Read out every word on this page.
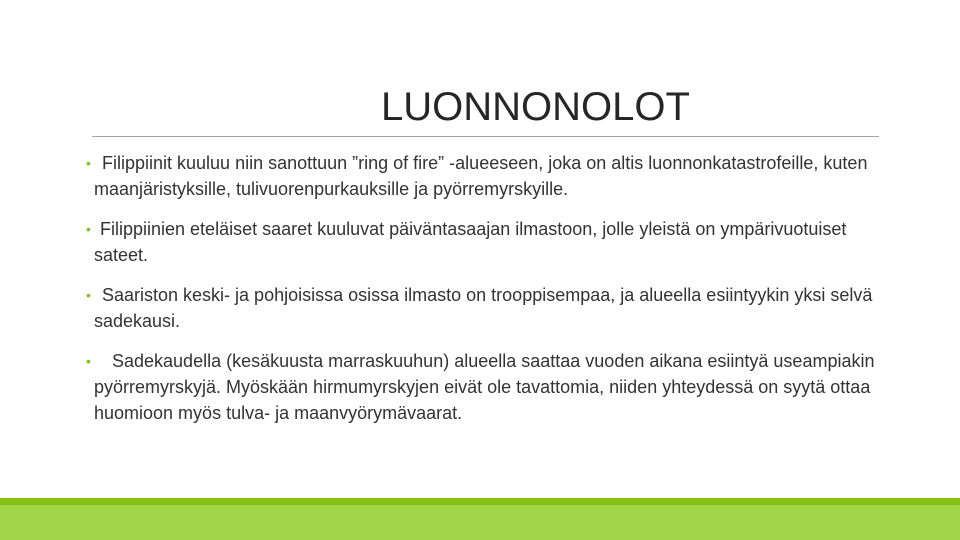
LUONNONOLOT
• Filippiinit kuuluu niin sanottuun ”ring of fire” -alueeseen, joka on altis luonnonkatastrofeille, kuten maanjäristyksille, tulivuorenpurkauksille ja pyörremyrskyille.
• Filippiinien eteläiset saaret kuuluvat päiväntasaajan ilmastoon, jolle yleistä on ympärivuotuiset sateet.
• Saariston keski- ja pohjoisissa osissa ilmasto on trooppisempaa, ja alueella esiintyykin yksi selvä sadekausi.
•	Sadekaudella (kesäkuusta marraskuuhun) alueella saattaa vuoden aikana esiintyä useampiakin pyörremyrskyjä. Myöskään hirmumyrskyjen eivät ole tavattomia, niiden yhteydessä on syytä ottaa huomioon myös tulva- ja maanvyörymävaarat.
